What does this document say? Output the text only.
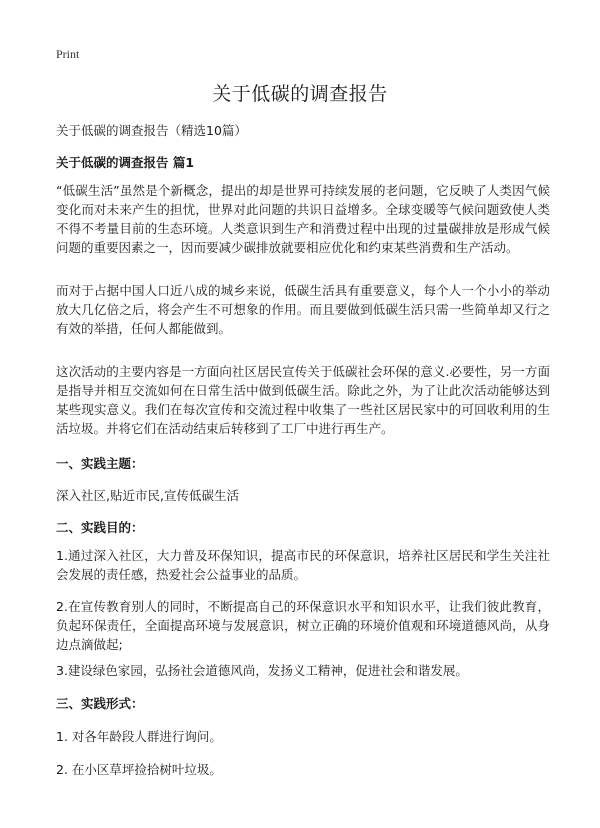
Print
关于低碳的调查报告
关于低碳的调查报告（精选10篇）
关于低碳的调查报告 篇1
“低碳生活”虽然是个新概念，提出的却是世界可持续发展的老问题，它反映了人类因气候变化而对未来产生的担忧，世界对此问题的共识日益增多。全球变暖等气候问题致使人类不得不考量目前的生态环境。人类意识到生产和消费过程中出现的过量碳排放是形成气候问题的重要因素之一，因而要减少碳排放就要相应优化和约束某些消费和生产活动。
而对于占据中国人口近八成的城乡来说，低碳生活具有重要意义，每个人一个小小的举动放大几亿倍之后，将会产生不可想象的作用。而且要做到低碳生活只需一些简单却又行之有效的举措，任何人都能做到。
这次活动的主要内容是一方面向社区居民宣传关于低碳社会环保的意义.必要性，另一方面是指导并相互交流如何在日常生活中做到低碳生活。除此之外，为了让此次活动能够达到某些现实意义。我们在每次宣传和交流过程中收集了一些社区居民家中的可回收利用的生活垃圾。并将它们在活动结束后转移到了工厂中进行再生产。
一、实践主题：
深入社区,贴近市民,宣传低碳生活
二、实践目的：
1.通过深入社区，大力普及环保知识，提高市民的环保意识，培养社区居民和学生关注社会发展的责任感，热爱社会公益事业的品质。
2.在宣传教育别人的同时，不断提高自己的环保意识水平和知识水平，让我们彼此教育，负起环保责任，全面提高环境与发展意识，树立正确的环境价值观和环境道德风尚，从身边点滴做起;
3.建设绿色家园，弘扬社会道德风尚，发扬义工精神，促进社会和谐发展。
三、实践形式：
1. 对各年龄段人群进行询问。
2. 在小区草坪捡拾树叶垃圾。
